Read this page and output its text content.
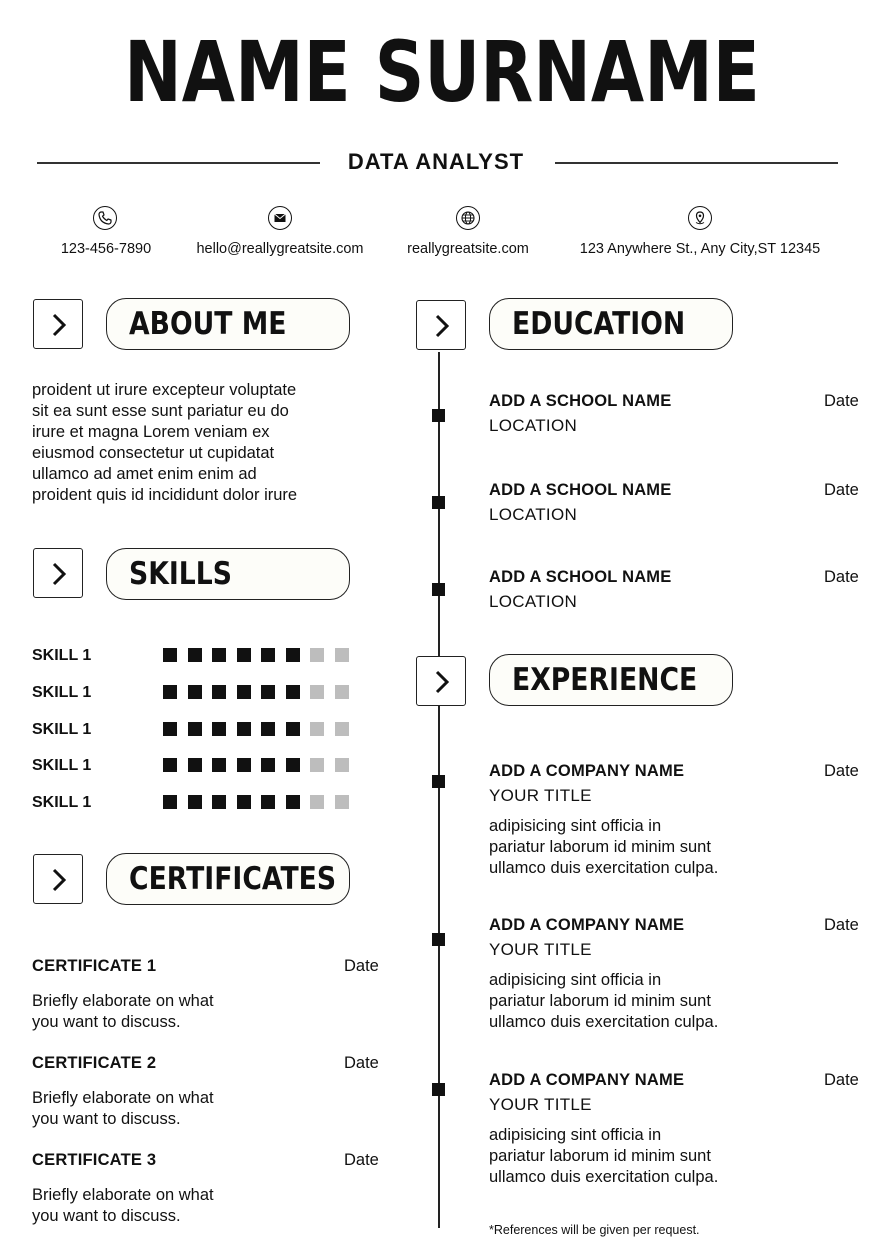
NAME SURNAME
DATA ANALYST
123-456-7890	hello@reallygreatsite.com	reallygreatsite.com	123 Anywhere St., Any City,ST 12345
ABOUT ME
proident ut irure excepteur voluptate
sit ea sunt esse sunt pariatur eu do
irure et magna Lorem veniam ex
eiusmod consectetur ut cupidatat
ullamco ad amet enim enim ad
proident quis id incididunt dolor irure
SKILLS
SKILL 1
SKILL 1
SKILL 1
SKILL 1
SKILL 1
CERTIFICATES
CERTIFICATE 1	Date
Briefly elaborate on what
you want to discuss.
CERTIFICATE 2	Date
Briefly elaborate on what
you want to discuss.
CERTIFICATE 3	Date
Briefly elaborate on what
you want to discuss.
EDUCATION
ADD A SCHOOL NAME
LOCATION
Date
ADD A SCHOOL NAME
LOCATION
Date
ADD A SCHOOL NAME
LOCATION
Date
EXPERIENCE
ADD A COMPANY NAME
YOUR TITLE
Date
adipisicing sint officia in
pariatur laborum id minim sunt
ullamco duis exercitation culpa.
ADD A COMPANY NAME
YOUR TITLE
Date
adipisicing sint officia in
pariatur laborum id minim sunt
ullamco duis exercitation culpa.
ADD A COMPANY NAME
YOUR TITLE
Date
adipisicing sint officia in
pariatur laborum id minim sunt
ullamco duis exercitation culpa.
*References will be given per request.
